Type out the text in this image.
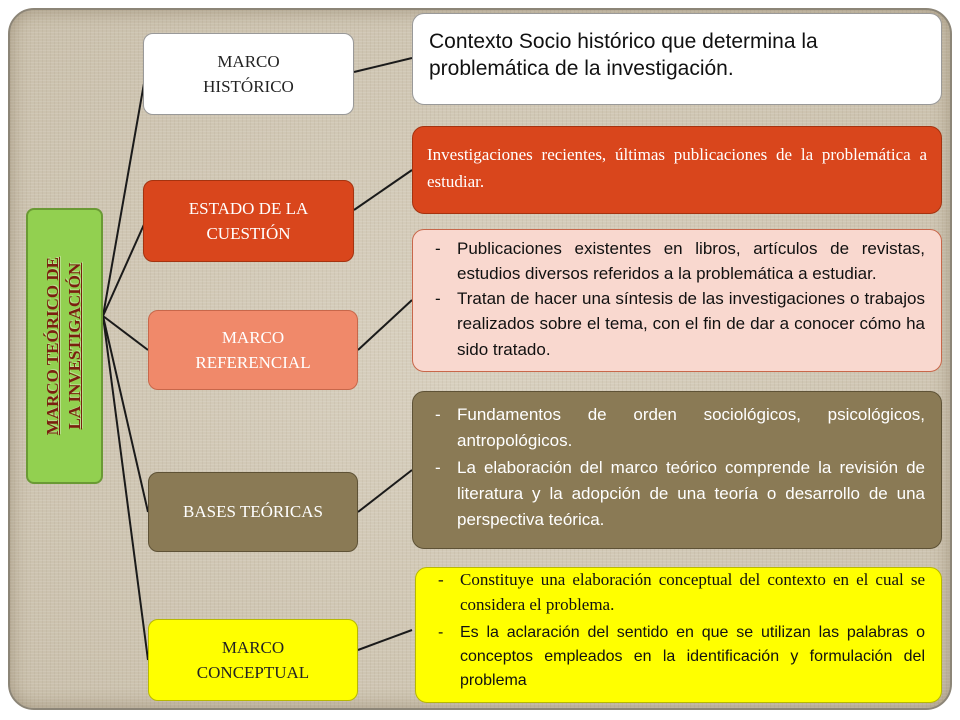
MARCO TEÓRICO DE LA INVESTIGACIÓN
MARCO HISTÓRICO
Contexto Socio histórico que determina la problemática de la investigación.
ESTADO DE LA CUESTIÓN
Investigaciones recientes, últimas publicaciones de la problemática a estudiar.
MARCO REFERENCIAL
- Publicaciones existentes en libros, artículos de revistas, estudios diversos referidos a la problemática a estudiar.
- Tratan de hacer una síntesis de las investigaciones o trabajos realizados sobre el tema, con el fin de dar a conocer cómo ha sido tratado.
BASES TEÓRICAS
- Fundamentos de orden sociológicos, psicológicos, antropológicos.
- La elaboración del marco teórico comprende la revisión de literatura y la adopción de una teoría o desarrollo de una perspectiva teórica.
MARCO CONCEPTUAL
- Constituye una elaboración conceptual del contexto en el cual se considera el problema.
- Es la aclaración del sentido en que se utilizan las palabras o conceptos empleados en la identificación y formulación del problema
